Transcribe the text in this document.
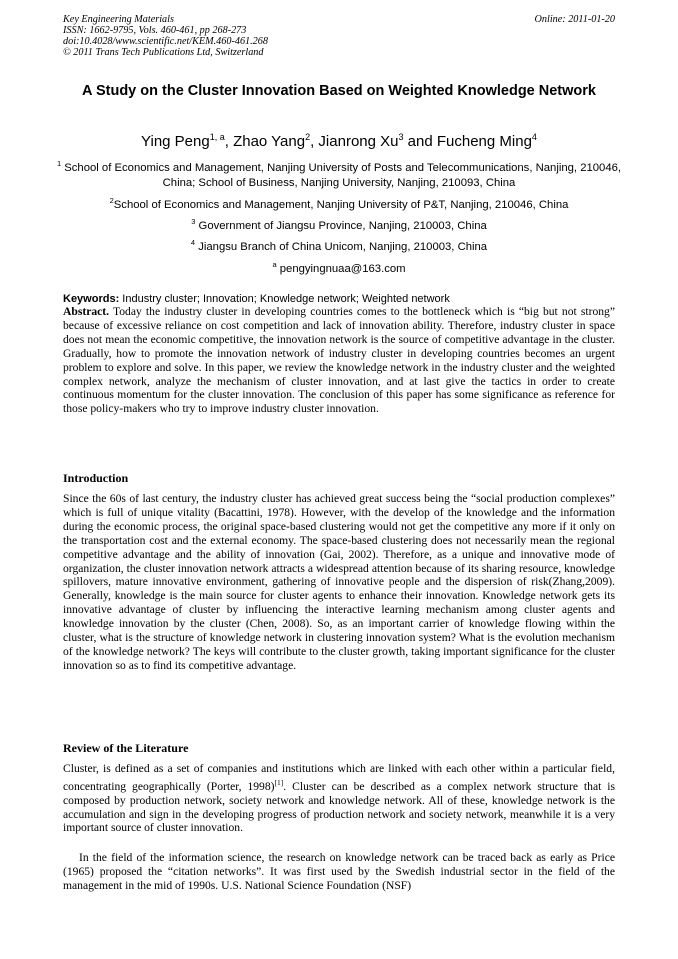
Key Engineering Materials
ISSN: 1662-9795, Vols. 460-461, pp 268-273
doi:10.4028/www.scientific.net/KEM.460-461.268
© 2011 Trans Tech Publications Ltd, Switzerland
Online: 2011-01-20
A Study on the Cluster Innovation Based on Weighted Knowledge Network
Ying Peng$^{1, a}$, Zhao Yang$^2$, Jianrong Xu$^3$ and Fucheng Ming$^4$
$^1$ School of Economics and Management, Nanjing University of Posts and Telecommunications, Nanjing, 210046, China; School of Business, Nanjing University, Nanjing, 210093, China
$^2$School of Economics and Management, Nanjing University of P&T, Nanjing, 210046, China
$^3$ Government of Jiangsu Province, Nanjing, 210003, China
$^4$ Jiangsu Branch of China Unicom, Nanjing, 210003, China
$^a$ pengyingnuaa@163.com
Keywords: Industry cluster; Innovation; Knowledge network; Weighted network
Abstract. Today the industry cluster in developing countries comes to the bottleneck which is “big but not strong” because of excessive reliance on cost competition and lack of innovation ability. Therefore, industry cluster in space does not mean the economic competitive, the innovation network is the source of competitive advantage in the cluster. Gradually, how to promote the innovation network of industry cluster in developing countries becomes an urgent problem to explore and solve. In this paper, we review the knowledge network in the industry cluster and the weighted complex network, analyze the mechanism of cluster innovation, and at last give the tactics in order to create continuous momentum for the cluster innovation. The conclusion of this paper has some significance as reference for those policy-makers who try to improve industry cluster innovation.
Introduction
Since the 60s of last century, the industry cluster has achieved great success being the “social production complexes” which is full of unique vitality (Bacattini, 1978). However, with the develop of the knowledge and the information during the economic process, the original space-based clustering would not get the competitive any more if it only on the transportation cost and the external economy. The space-based clustering does not necessarily mean the regional competitive advantage and the ability of innovation (Gai, 2002). Therefore, as a unique and innovative mode of organization, the cluster innovation network attracts a widespread attention because of its sharing resource, knowledge spillovers, mature innovative environment, gathering of innovative people and the dispersion of risk(Zhang,2009). Generally, knowledge is the main source for cluster agents to enhance their innovation. Knowledge network gets its innovative advantage of cluster by influencing the interactive learning mechanism among cluster agents and knowledge innovation by the cluster (Chen, 2008). So, as an important carrier of knowledge flowing within the cluster, what is the structure of knowledge network in clustering innovation system? What is the evolution mechanism of the knowledge network? The keys will contribute to the cluster growth, taking important significance for the cluster innovation so as to find its competitive advantage.
Review of the Literature
Cluster, is defined as a set of companies and institutions which are linked with each other within a particular field, concentrating geographically (Porter, 1998)[1]. Cluster can be described as a complex network structure that is composed by production network, society network and knowledge network. All of these, knowledge network is the accumulation and sign in the developing progress of production network and society network, meanwhile it is a very important source of cluster innovation.
In the field of the information science, the research on knowledge network can be traced back as early as Price (1965) proposed the “citation networks”. It was first used by the Swedish industrial sector in the field of the management in the mid of 1990s. U.S. National Science Foundation (NSF)
